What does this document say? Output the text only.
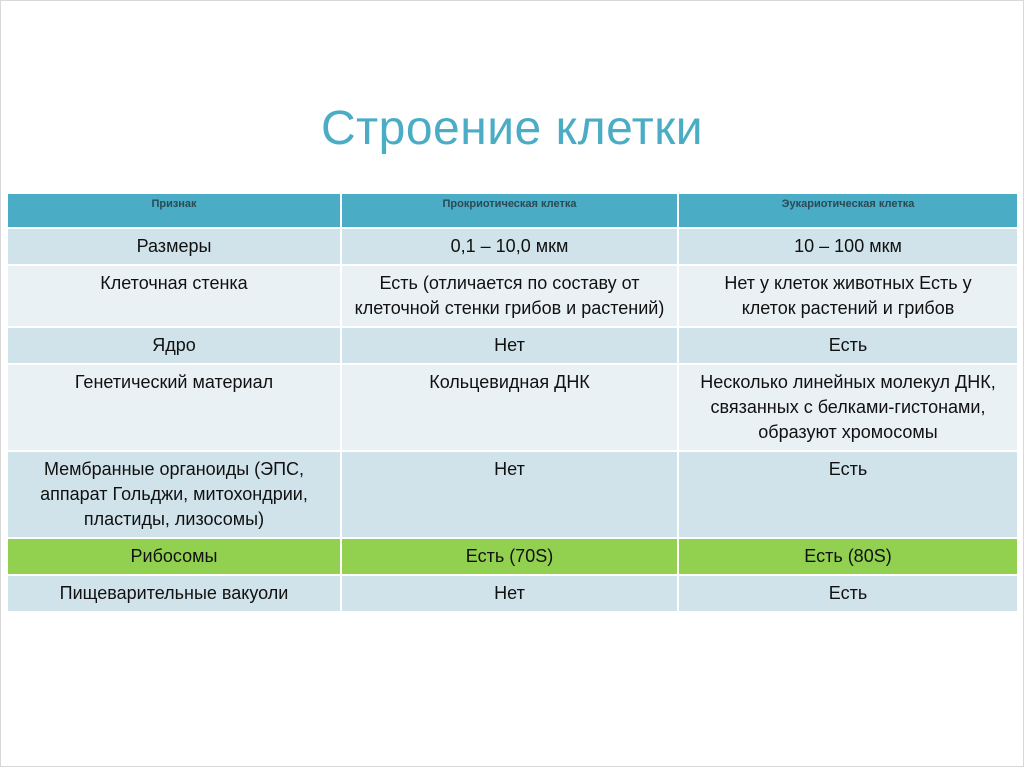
Строение клетки
Признак	Прокриотическая клетка	Эукариотическая клетка
Размеры	0,1 – 10,0 мкм	10 – 100 мкм
Клеточная стенка	Есть (отличается по составу от клеточной стенки грибов и растений)	Нет у клеток животных Есть у клеток растений и грибов
Ядро	Нет	Есть
Генетический материал	Кольцевидная ДНК	Несколько линейных молекул ДНК, связанных с белками-гистонами, образуют хромосомы
Мембранные органоиды (ЭПС, аппарат Гольджи, митохондрии, пластиды, лизосомы)	Нет	Есть
Рибосомы	Есть (70S)	Есть (80S)
Пищеварительные вакуоли	Нет	Есть
